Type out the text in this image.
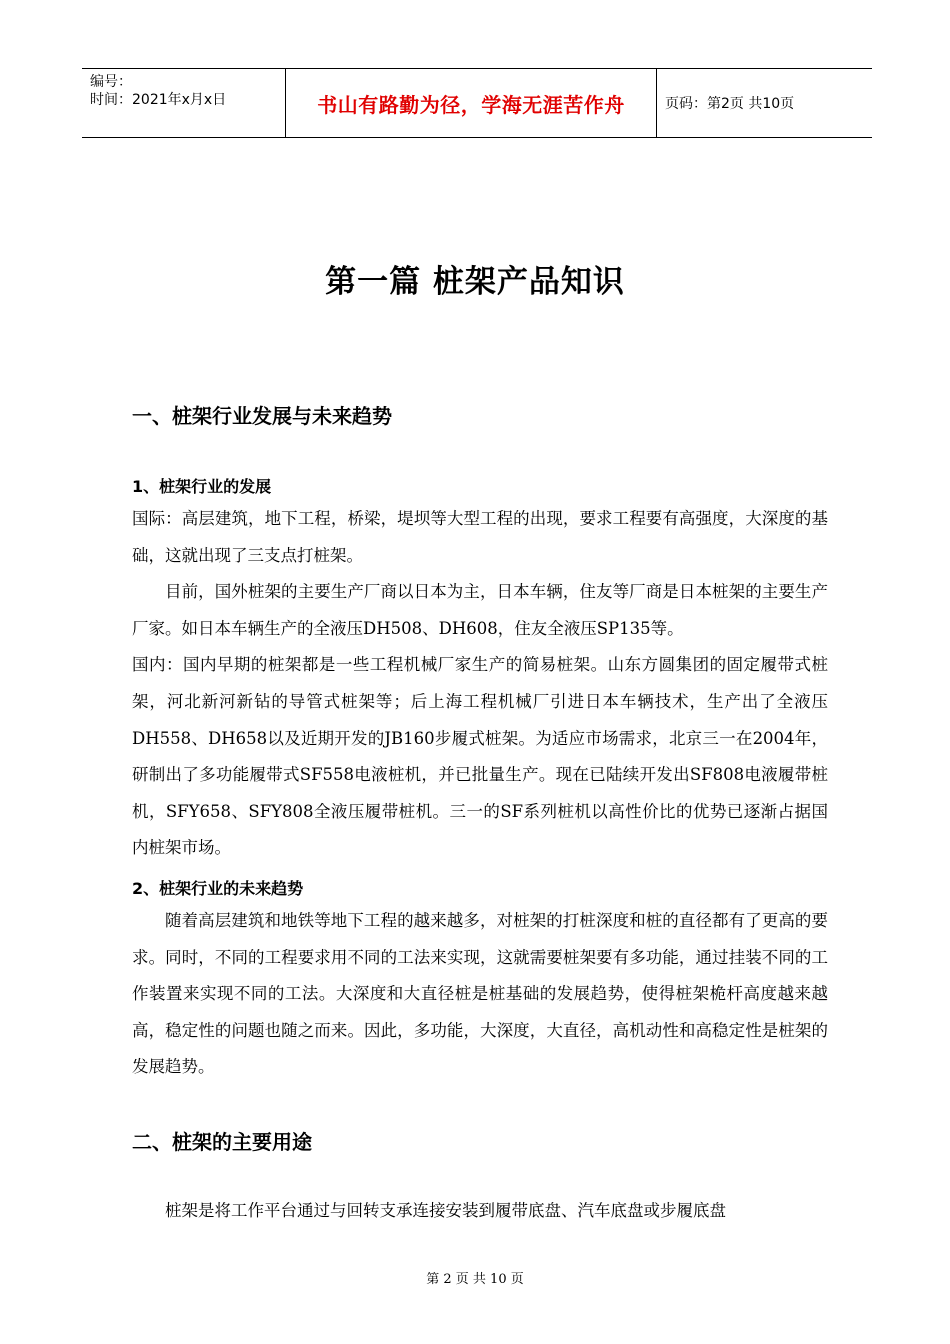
编号：
时间：2021年x月x日	书山有路勤为径，学海无涯苦作舟	页码：第2页 共10页
第一篇 桩架产品知识
一、桩架行业发展与未来趋势
1、桩架行业的发展

国际：高层建筑，地下工程，桥梁，堤坝等大型工程的出现，要求工程要有高强度，大深度的基础，这就出现了三支点打桩架。

目前，国外桩架的主要生产厂商以日本为主，日本车辆，住友等厂商是日本桩架的主要生产厂家。如日本车辆生产的全液压DH508、DH608，住友全液压SP135等。

国内：国内早期的桩架都是一些工程机械厂家生产的简易桩架。山东方圆集团的固定履带式桩架，河北新河新钻的导管式桩架等；后上海工程机械厂引进日本车辆技术，生产出了全液压DH558、DH658以及近期开发的JB160步履式桩架。为适应市场需求，北京三一在2004年，研制出了多功能履带式SF558电液桩机，并已批量生产。现在已陆续开发出SF808电液履带桩机，SFY658、SFY808全液压履带桩机。三一的SF系列桩机以高性价比的优势已逐渐占据国内桩架市场。

2、桩架行业的未来趋势

随着高层建筑和地铁等地下工程的越来越多，对桩架的打桩深度和桩的直径都有了更高的要求。同时，不同的工程要求用不同的工法来实现，这就需要桩架要有多功能，通过挂装不同的工作装置来实现不同的工法。大深度和大直径桩是桩基础的发展趋势，使得桩架桅杆高度越来越高，稳定性的问题也随之而来。因此，多功能，大深度，大直径，高机动性和高稳定性是桩架的发展趋势。

二、桩架的主要用途

桩架是将工作平台通过与回转支承连接安装到履带底盘、汽车底盘或步履底盘

第 2 页 共 10 页
